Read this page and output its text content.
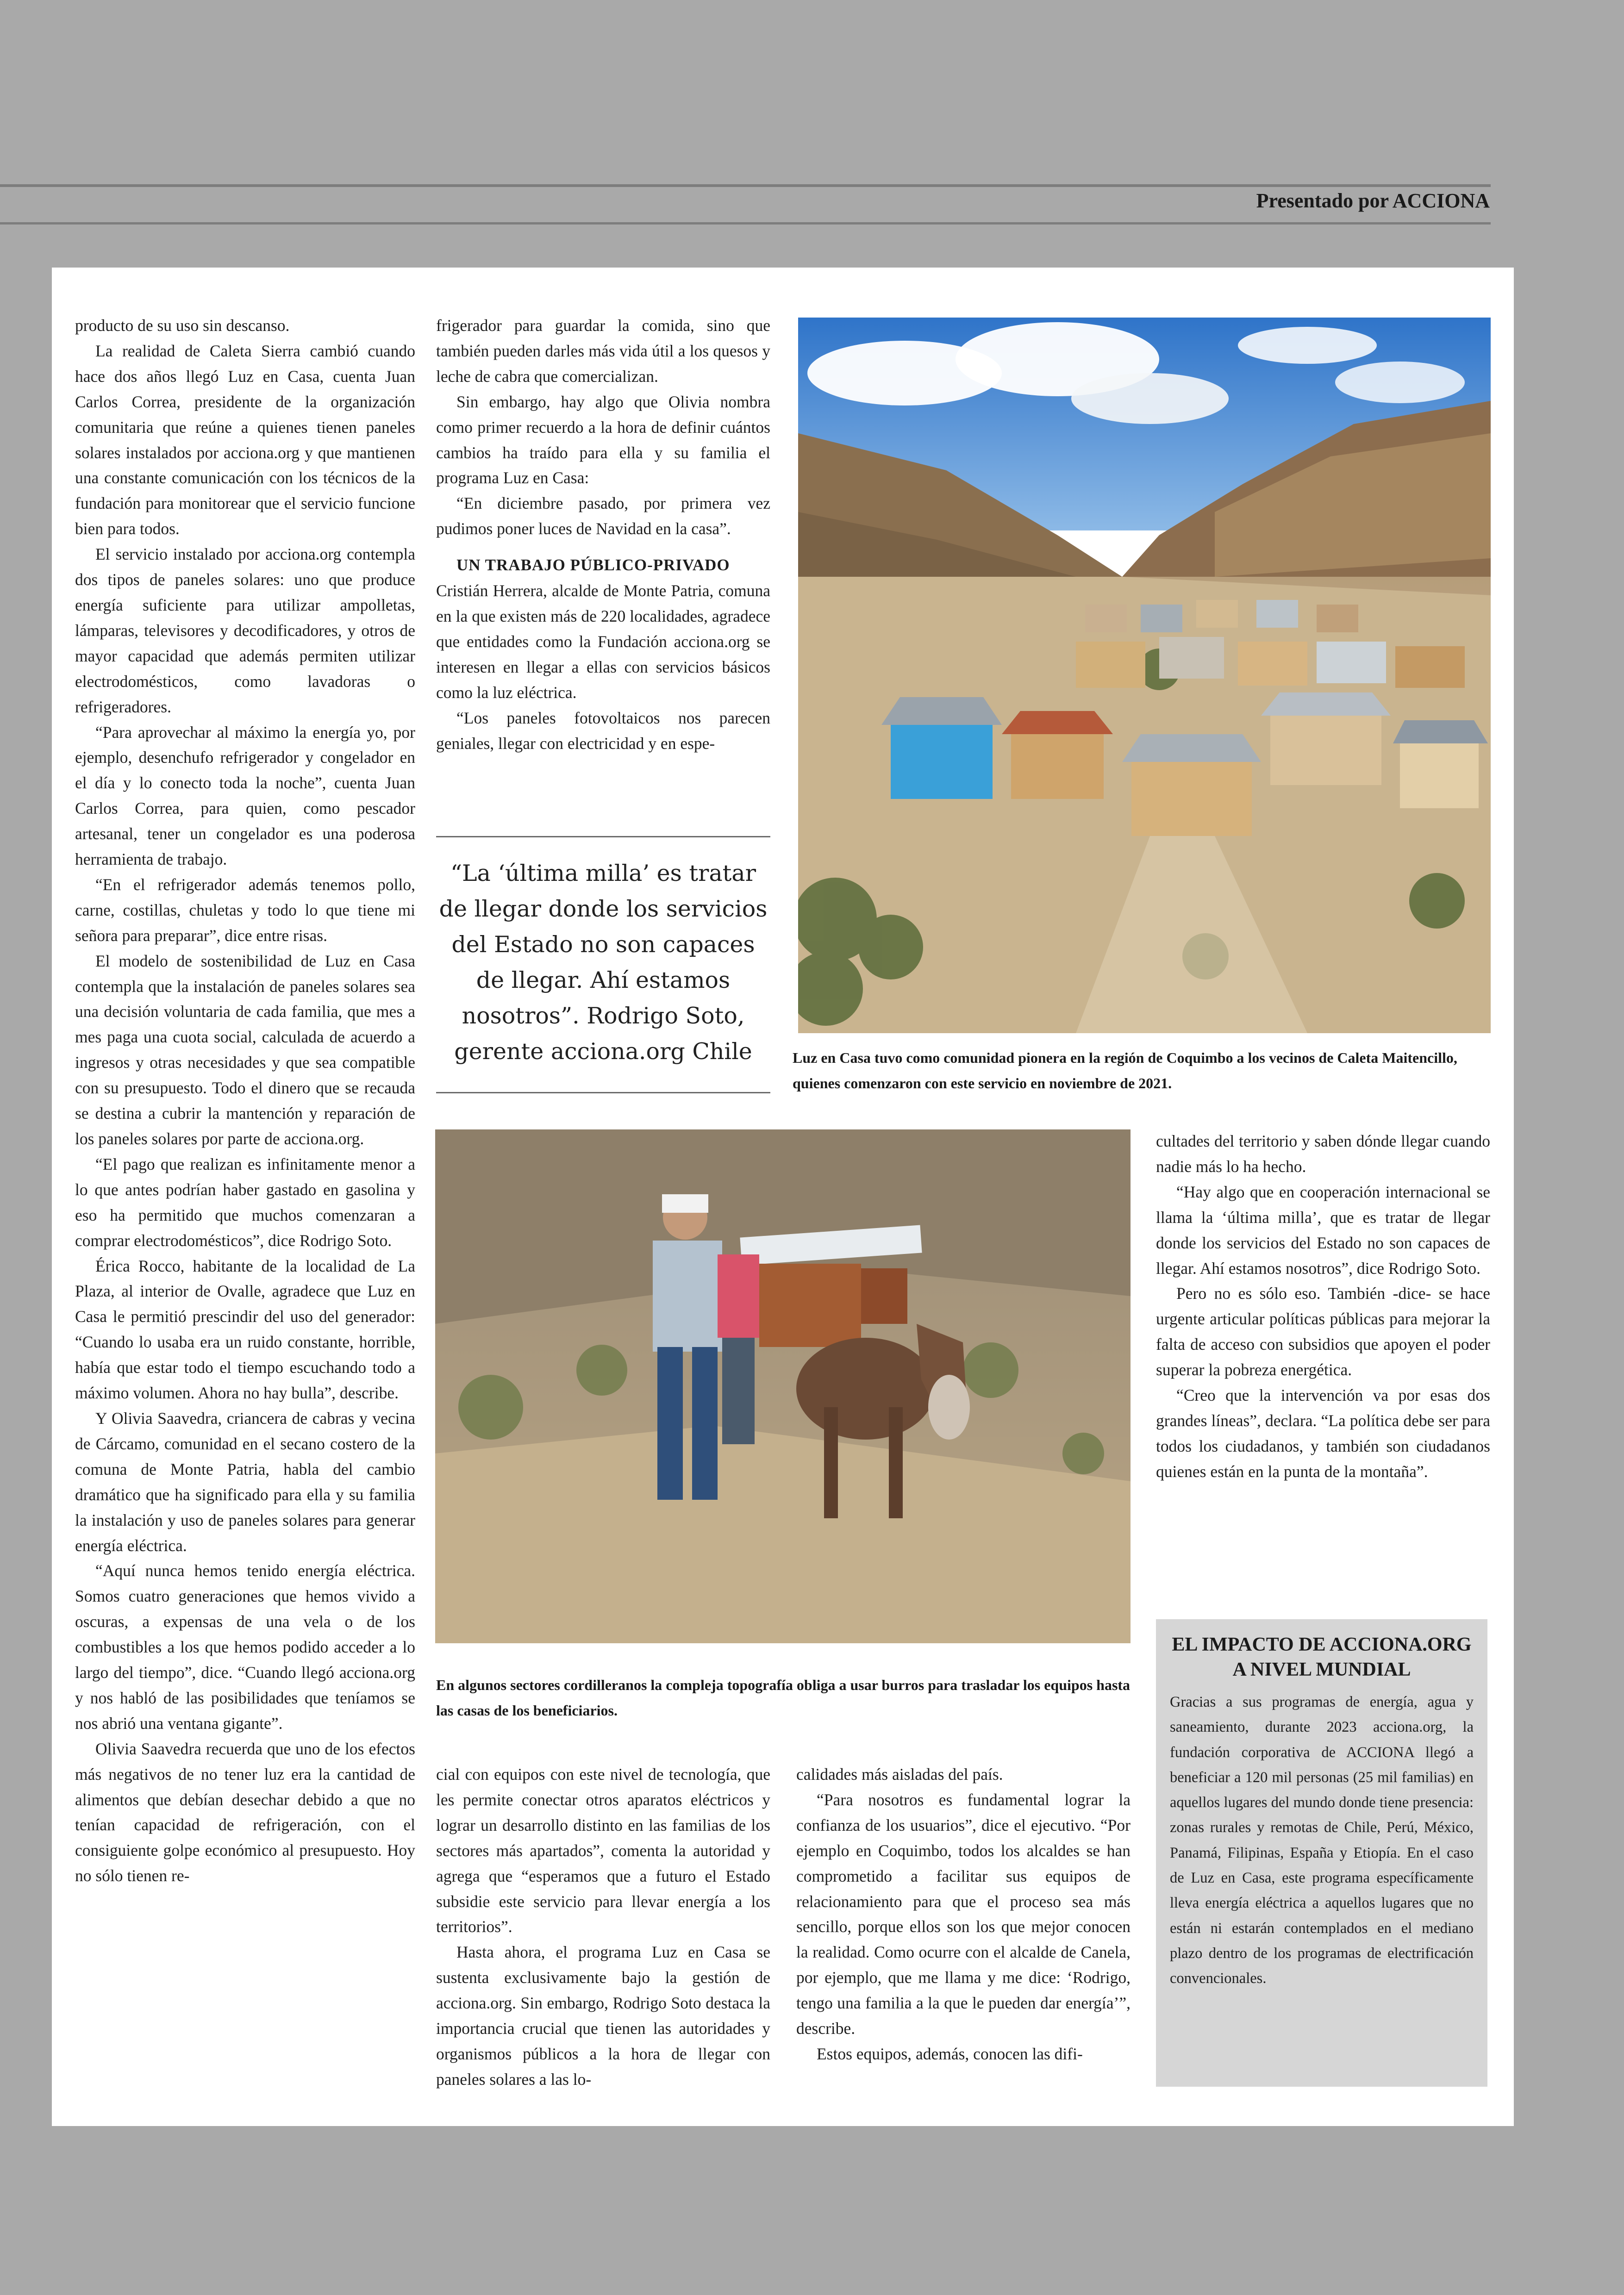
Presentado por ACCIONA

producto de su uso sin descanso.

La realidad de Caleta Sierra cambió cuando hace dos años llegó Luz en Casa, cuenta Juan Carlos Correa, presidente de la organización comunitaria que reúne a quienes tienen paneles solares instalados por acciona.org y que mantienen una constante comunicación con los técnicos de la fundación para monitorear que el servicio funcione bien para todos.

El servicio instalado por acciona.org contempla dos tipos de paneles solares: uno que produce energía suficiente para utilizar ampolletas, lámparas, televisores y decodificadores, y otros de mayor capacidad que además permiten utilizar electrodomésticos, como lavadoras o refrigeradores.

“Para aprovechar al máximo la energía yo, por ejemplo, desenchufo refrigerador y congelador en el día y lo conecto toda la noche”, cuenta Juan Carlos Correa, para quien, como pescador artesanal, tener un congelador es una poderosa herramienta de trabajo.

“En el refrigerador además tenemos pollo, carne, costillas, chuletas y todo lo que tiene mi señora para preparar”, dice entre risas.

El modelo de sostenibilidad de Luz en Casa contempla que la instalación de paneles solares sea una decisión voluntaria de cada familia, que mes a mes paga una cuota social, calculada de acuerdo a ingresos y otras necesidades y que sea compatible con su presupuesto. Todo el dinero que se recauda se destina a cubrir la mantención y reparación de los paneles solares por parte de acciona.org.

“El pago que realizan es infinitamente menor a lo que antes podrían haber gastado en gasolina y eso ha permitido que muchos comenzaran a comprar electrodomésticos”, dice Rodrigo Soto.

Érica Rocco, habitante de la localidad de La Plaza, al interior de Ovalle, agradece que Luz en Casa le permitió prescindir del uso del generador: “Cuando lo usaba era un ruido constante, horrible, había que estar todo el tiempo escuchando todo a máximo volumen. Ahora no hay bulla”, describe.

Y Olivia Saavedra, criancera de cabras y vecina de Cárcamo, comunidad en el secano costero de la comuna de Monte Patria, habla del cambio dramático que ha significado para ella y su familia la instalación y uso de paneles solares para generar energía eléctrica.

“Aquí nunca hemos tenido energía eléctrica. Somos cuatro generaciones que hemos vivido a oscuras, a expensas de una vela o de los combustibles a los que hemos podido acceder a lo largo del tiempo”, dice. “Cuando llegó acciona.org y nos habló de las posibilidades que teníamos se nos abrió una ventana gigante”.

Olivia Saavedra recuerda que uno de los efectos más negativos de no tener luz era la cantidad de alimentos que debían desechar debido a que no tenían capacidad de refrigeración, con el consiguiente golpe económico al presupuesto. Hoy no sólo tienen re-

frigerador para guardar la comida, sino que también pueden darles más vida útil a los quesos y leche de cabra que comercializan.

Sin embargo, hay algo que Olivia nombra como primer recuerdo a la hora de definir cuántos cambios ha traído para ella y su familia el programa Luz en Casa:

“En diciembre pasado, por primera vez pudimos poner luces de Navidad en la casa”.

UN TRABAJO PÚBLICO-PRIVADO

Cristián Herrera, alcalde de Monte Patria, comuna en la que existen más de 220 localidades, agradece que entidades como la Fundación acciona.org se interesen en llegar a ellas con servicios básicos como la luz eléctrica.

“Los paneles fotovoltaicos nos parecen geniales, llegar con electricidad y en espe-

“La ‘última milla’ es tratar de llegar donde los servicios del Estado no son capaces de llegar. Ahí estamos nosotros”. Rodrigo Soto, gerente acciona.org Chile	Luz en Casa tuvo como comunidad pionera en la región de Coquimbo a los vecinos de Caleta Maitencillo, quienes comenzaron con este servicio en noviembre de 2021.
En algunos sectores cordilleranos la compleja topografía obliga a usar burros para trasladar los equipos hasta las casas de los beneficiarios.

cultades del territorio y saben dónde llegar cuando nadie más lo ha hecho.

“Hay algo que en cooperación internacional se llama la ‘última milla’, que es tratar de llegar donde los servicios del Estado no son capaces de llegar. Ahí estamos nosotros”, dice Rodrigo Soto.

Pero no es sólo eso. También -dice- se hace urgente articular políticas públicas para mejorar la falta de acceso con subsidios que apoyen el poder superar la pobreza energética.

“Creo que la intervención va por esas dos grandes líneas”, declara. “La política debe ser para todos los ciudadanos, y también son ciudadanos quienes están en la punta de la montaña”.

cial con equipos con este nivel de tecnología, que les permite conectar otros aparatos eléctricos y lograr un desarrollo distinto en las familias de los sectores más apartados”, comenta la autoridad y agrega que “esperamos que a futuro el Estado subsidie este servicio para llevar energía a los territorios”.

Hasta ahora, el programa Luz en Casa se sustenta exclusivamente bajo la gestión de acciona.org. Sin embargo, Rodrigo Soto destaca la importancia crucial que tienen las autoridades y organismos públicos a la hora de llegar con paneles solares a las lo-

calidades más aisladas del país.

“Para nosotros es fundamental lograr la confianza de los usuarios”, dice el ejecutivo. “Por ejemplo en Coquimbo, todos los alcaldes se han comprometido a facilitar sus equipos de relacionamiento para que el proceso sea más sencillo, porque ellos son los que mejor conocen la realidad. Como ocurre con el alcalde de Canela, por ejemplo, que me llama y me dice: ‘Rodrigo, tengo una familia a la que le pueden dar energía’”, describe.

Estos equipos, además, conocen las difi-

EL IMPACTO DE ACCIONA.ORG A NIVEL MUNDIAL
Gracias a sus programas de energía, agua y saneamiento, durante 2023 acciona.org, la fundación corporativa de ACCIONA llegó a beneficiar a 120 mil personas (25 mil familias) en aquellos lugares del mundo donde tiene presencia: zonas rurales y remotas de Chile, Perú, México, Panamá, Filipinas, España y Etiopía. En el caso de Luz en Casa, este programa específicamente lleva energía eléctrica a aquellos lugares que no están ni estarán contemplados en el mediano plazo dentro de los programas de electrificación convencionales.
